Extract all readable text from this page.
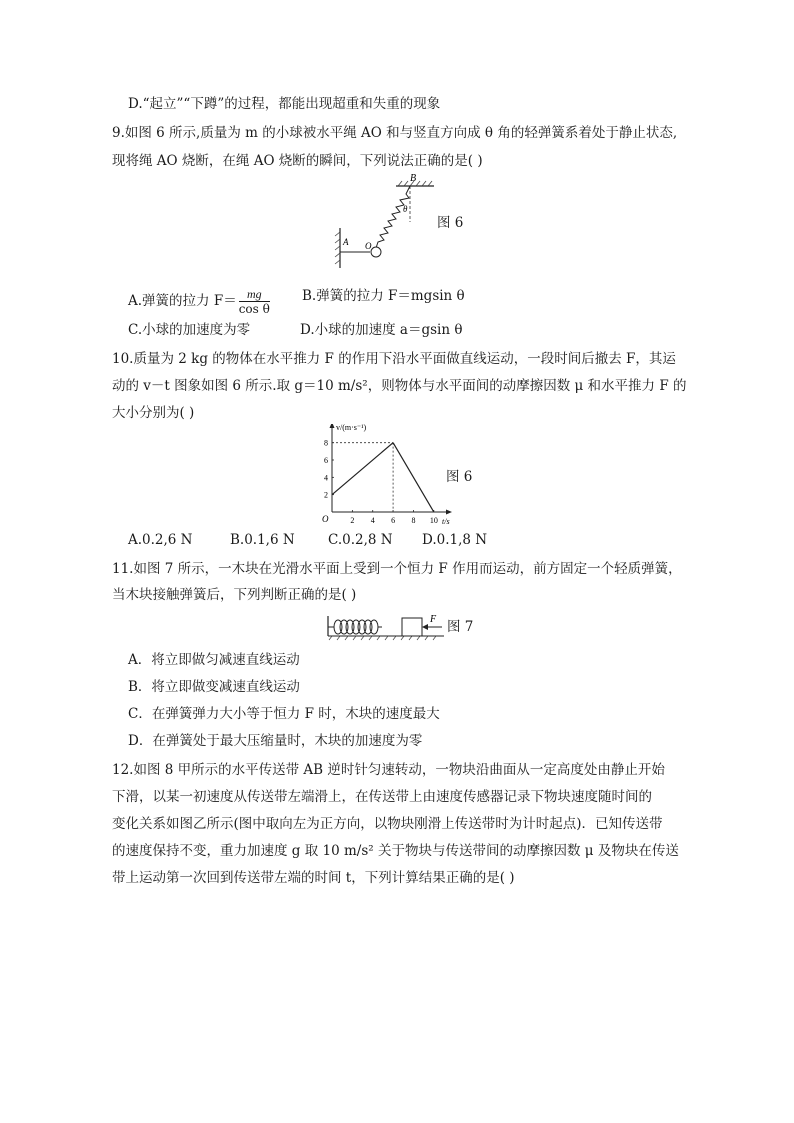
D.“起立”“下蹲”的过程，都能出现超重和失重的现象
9.如图 6 所示,质量为 m 的小球被水平绳 AO 和与竖直方向成 θ 角的轻弹簧系着处于静止状态,
现将绳 AO 烧断，在绳 AO 烧断的瞬间，下列说法正确的是( )
B
θ
A O
图 6
A.弹簧的拉力 $F= \frac{mg}{\text{cos θ}} B$.弹簧的拉力 F＝mgsin θ
C.小球的加速度为零	D.小球的加速度 a＝gsin θ
10.质量为 2 kg 的物体在水平推力 F 的作用下沿水平面做直线运动，一段时间后撤去 F，其运
动的 v－t 图象如图 6 所示.取 g＝10 m/s²，则物体与水平面间的动摩擦因数 μ 和水平推力 F 的
大小分别为( )
v/(m·s⁻¹)
t/s
O	2 4 6 8 10
2
4
6
8
图 6
A.0.2,6 N	B.0.1,6 N C.0.2,8 N D.0.1,8 N
11.如图 7 所示，一木块在光滑水平面上受到一个恒力 F 作用而运动，前方固定一个轻质弹簧，
当木块接触弹簧后，下列判断正确的是( )
F 图 7
A．将立即做匀减速直线运动
B．将立即做变减速直线运动
C．在弹簧弹力大小等于恒力 F 时，木块的速度最大
D．在弹簧处于最大压缩量时，木块的加速度为零
12.如图 8 甲所示的水平传送带 AB 逆时针匀速转动，一物块沿曲面从一定高度处由静止开始
下滑，以某一初速度从传送带左端滑上，在传送带上由速度传感器记录下物块速度随时间的
变化关系如图乙所示(图中取向左为正方向，以物块刚滑上传送带时为计时起点)．已知传送带
的速度保持不变，重力加速度 g 取 10 m/s² 关于物块与传送带间的动摩擦因数 μ 及物块在传送
带上运动第一次回到传送带左端的时间 t，下列计算结果正确的是( )
